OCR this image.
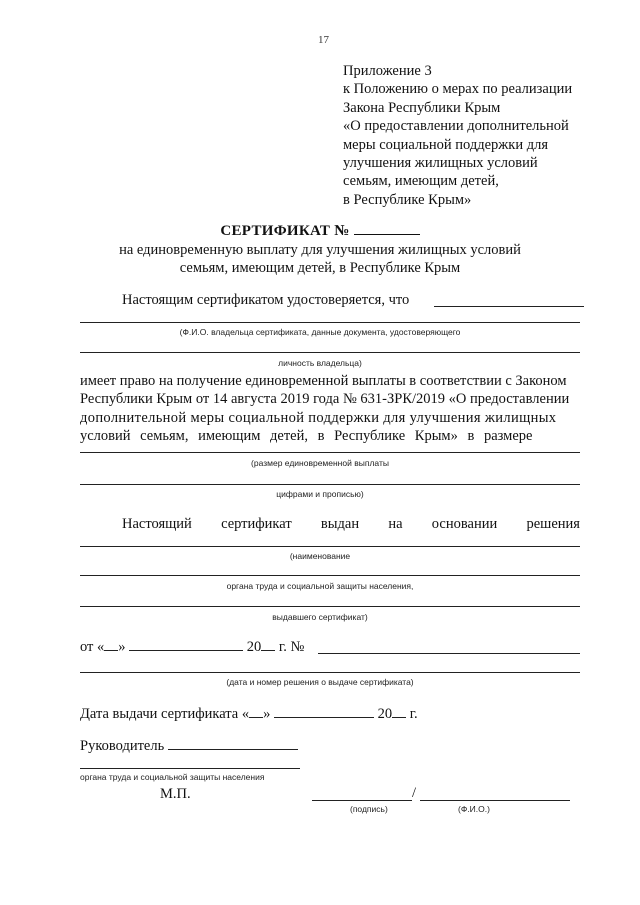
17
Приложение 3
к Положению о мерах по реализации
Закона Республики Крым
«О предоставлении дополнительной
меры социальной поддержки для
улучшения жилищных условий
семьям, имеющим детей,
в Республике Крым»
СЕРТИФИКАТ №
на единовременную выплату для улучшения жилищных условий
семьям, имеющим детей, в Республике Крым
Настоящим сертификатом удостоверяется, что
(Ф.И.О. владельца сертификата, данные документа, удостоверяющего
личность владельца)
имеет право на получение единовременной выплаты в соответствии с Законом
Республики Крым от 14 августа 2019 года № 631-ЗРК/2019 «О предоставлении
дополнительной меры социальной поддержки для улучшения жилищных
условий семьям, имеющим детей, в Республике Крым» в размере
(размер единовременной выплаты
цифрами и прописью)
Настоящий сертификат выдан на основании решения
(наименование
органа труда и социальной защиты населения,
выдавшего сертификат)
от « »	20 г. №
(дата и номер решения о выдаче сертификата)
Дата выдачи сертификата « »	20 г.
Руководитель
органа труда и социальной защиты населения
М.П.	/
(подпись)	(Ф.И.О.)
